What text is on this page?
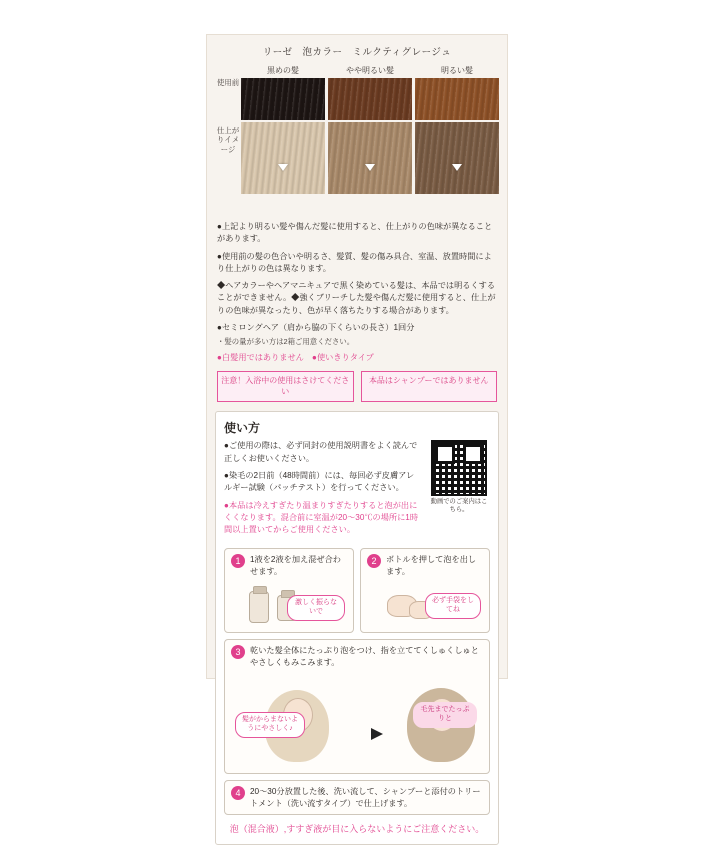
リーゼ　泡カラー　ミルクティグレージュ
使用前
仕上がりイメージ
黒めの髪	やや明るい髪	明るい髪

●上記より明るい髪や傷んだ髪に使用すると、仕上がりの色味が異なることがあります。

●使用前の髪の色合いや明るさ、髪質、髪の傷み具合、室温、放置時間により仕上がりの色は異なります。

◆ヘアカラーやヘアマニキュアで黒く染めている髪は、本品では明るくすることができません。◆強くブリーチした髪や傷んだ髪に使用すると、仕上がりの色味が異なったり、色が早く落ちたりする場合があります。

●セミロングヘア（肩から脇の下くらいの長さ）1回分

・髪の量が多い方は2箱ご用意ください。

●白髪用ではありません　●使いきりタイプ

注意！入浴中の使用はさけてください
本品はシャンプーではありません
使い方
動画でのご案内はこちら。

●ご使用の際は、必ず同封の使用説明書をよく読んで正しくお使いください。

●染毛の2日前（48時間前）には、毎回必ず皮膚アレルギー試験（パッチテスト）を行ってください。

●本品は冷えすぎたり温まりすぎたりすると泡が出にくくなります。混合前に室温が20～30℃の場所に1時間以上置いてからご使用ください。

1	1液を2液を加え混ぜ合わせます。
激しく振らないで
2	ボトルを押して泡を出します。
必ず手袋をしてね
3	乾いた髪全体にたっぷり泡をつけ、指を立ててくしゅくしゅとやさしくもみこみます。
髪がからまないようにやさしく♪
毛先までたっぷりと
4	20～30分放置した後、洗い流して、シャンプーと添付のトリートメント（洗い流すタイプ）で仕上げます。
泡（混合液）,すすぎ液が目に入らないようにご注意ください。
